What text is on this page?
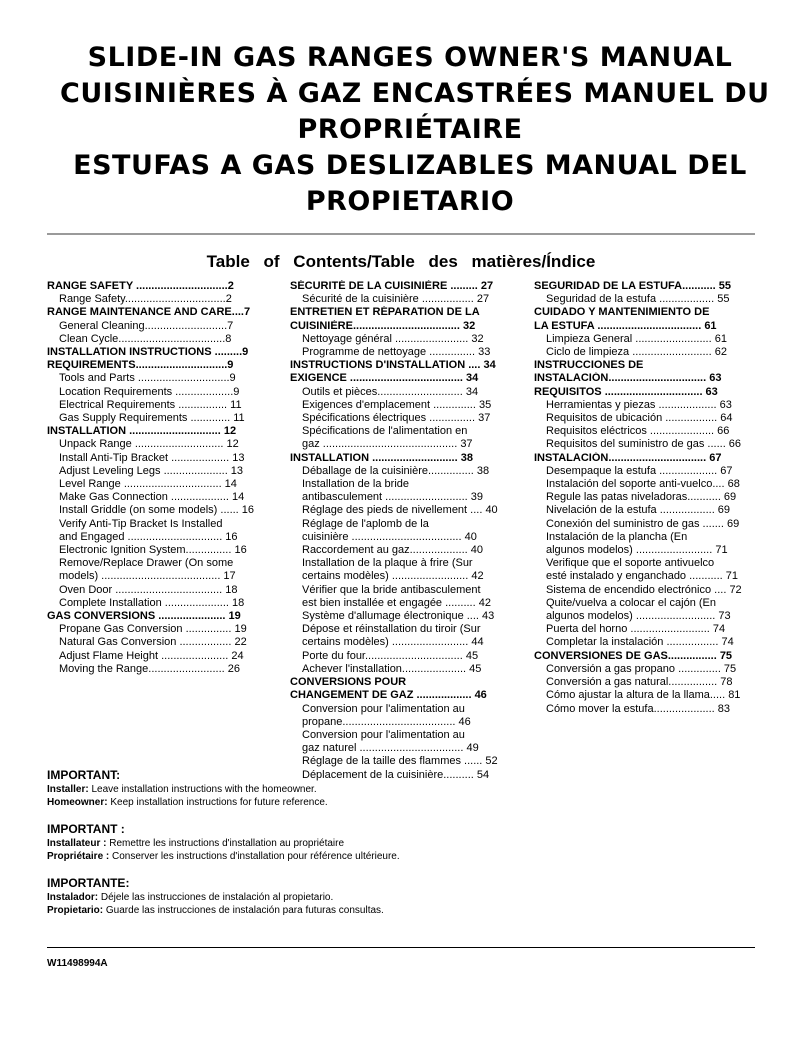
SLIDE-IN GAS RANGES OWNER'S MANUAL
CUISINIÈRES À GAZ ENCASTRÉES MANUEL DU
PROPRIÉTAIRE
ESTUFAS A GAS DESLIZABLES MANUAL DEL
PROPIETARIO
Table of Contents/Table des matières/Índice
RANGE SAFETY ..............................2
Range Safety.................................2
RANGE MAINTENANCE AND CARE....7
General Cleaning...........................7
Clean Cycle...................................8
INSTALLATION INSTRUCTIONS .........9
REQUIREMENTS..............................9
Tools and Parts ..............................9
Location Requirements ...................9
Electrical Requirements ................ 11
Gas Supply Requirements ............. 11
INSTALLATION .............................. 12
Unpack Range ............................. 12
Install Anti-Tip Bracket ................... 13
Adjust Leveling Legs ..................... 13
Level Range ................................ 14
Make Gas Connection ................... 14
Install Griddle (on some models) ...... 16
Verify Anti-Tip Bracket Is Installed
and Engaged ............................... 16
Electronic Ignition System............... 16
Remove/Replace Drawer (On some
models) ....................................... 17
Oven Door ................................... 18
Complete Installation ..................... 18
GAS CONVERSIONS ...................... 19
Propane Gas Conversion ............... 19
Natural Gas Conversion ................. 22
Adjust Flame Height ...................... 24
Moving the Range......................... 26
SÉCURITÉ DE LA CUISINIÈRE ......... 27
Sécurité de la cuisinière ................. 27
ENTRETIEN ET RÉPARATION DE LA
CUISINIÈRE................................... 32
Nettoyage général ........................ 32
Programme de nettoyage ............... 33
INSTRUCTIONS D'INSTALLATION .... 34
EXIGENCE ..................................... 34
Outils et pièces............................ 34
Exigences d'emplacement .............. 35
Spécifications électriques ............... 37
Spécifications de l'alimentation en
gaz ............................................ 37
INSTALLATION ............................ 38
Déballage de la cuisinière............... 38
Installation de la bride
antibasculement ........................... 39
Réglage des pieds de nivellement .... 40
Réglage de l'aplomb de la
cuisinière .................................... 40
Raccordement au gaz................... 40
Installation de la plaque à frire (Sur
certains modèles) ......................... 42
Vérifier que la bride antibasculement
est bien installée et engagée .......... 42
Système d'allumage électronique .... 43
Dépose et réinstallation du tiroir (Sur
certains modèles) ......................... 44
Porte du four................................ 45
Achever l'installation..................... 45
CONVERSIONS POUR
CHANGEMENT DE GAZ .................. 46
Conversion pour l'alimentation au
propane..................................... 46
Conversion pour l'alimentation au
gaz naturel .................................. 49
Réglage de la taille des flammes ...... 52
Déplacement de la cuisinière.......... 54
SEGURIDAD DE LA ESTUFA........... 55
Seguridad de la estufa .................. 55
CUIDADO Y MANTENIMIENTO DE
LA ESTUFA .................................. 61
Limpieza General ......................... 61
Ciclo de limpieza .......................... 62
INSTRUCCIONES DE
INSTALACIÓN................................ 63
REQUISITOS ................................ 63
Herramientas y piezas ................... 63
Requisitos de ubicación ................. 64
Requisitos eléctricos ..................... 66
Requisitos del suministro de gas ...... 66
INSTALACIÓN................................ 67
Desempaque la estufa ................... 67
Instalación del soporte anti-vuelco.... 68
Regule las patas niveladoras........... 69
Nivelación de la estufa .................. 69
Conexión del suministro de gas ....... 69
Instalación de la plancha (En
algunos modelos) ......................... 71
Verifique que el soporte antivuelco
esté instalado y enganchado ........... 71
Sistema de encendido electrónico .... 72
Quite/vuelva a colocar el cajón (En
algunos modelos) .......................... 73
Puerta del horno .......................... 74
Completar la instalación ................. 74
CONVERSIONES DE GAS................ 75
Conversión a gas propano .............. 75
Conversión a gas natural................ 78
Cómo ajustar la altura de la llama..... 81
Cómo mover la estufa.................... 83
IMPORTANT:
Installer: Leave installation instructions with the homeowner.
Homeowner: Keep installation instructions for future reference.
IMPORTANT :
Installateur : Remettre les instructions d'installation au propriétaire
Propriétaire : Conserver les instructions d'installation pour référence ultérieure.
IMPORTANTE:
Instalador: Déjele las instrucciones de instalación al propietario.
Propietario: Guarde las instrucciones de instalación para futuras consultas.
W11498994A
